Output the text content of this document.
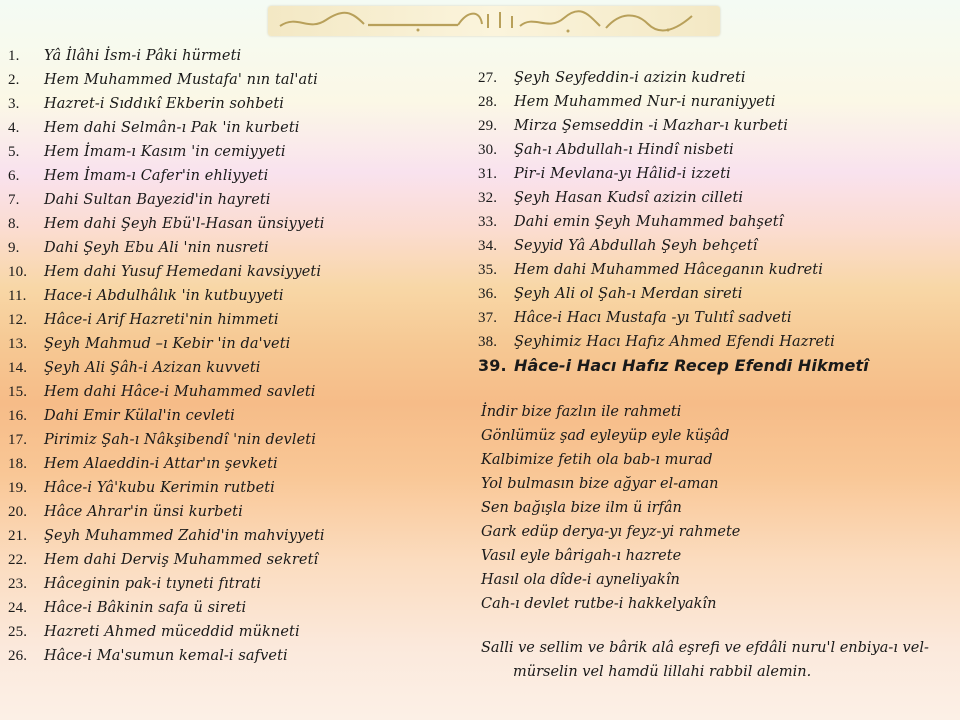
1. Yâ İlâhi İsm-i Pâki hürmeti
2. Hem Muhammed Mustafa' nın tal'ati
3. Hazret-i Sıddıkî Ekberin sohbeti
4. Hem dahi Selmân-ı Pak 'in kurbeti
5. Hem İmam-ı Kasım 'in cemiyyeti
6. Hem İmam-ı Cafer'in ehliyyeti
7. Dahi Sultan Bayezid'in hayreti
8. Hem dahi Şeyh Ebü'l-Hasan ünsiyyeti
9. Dahi Şeyh Ebu Ali 'nin nusreti
10. Hem dahi Yusuf Hemedani kavsiyyeti
11. Hace-i Abdulhâlık 'in kutbuyyeti
12. Hâce-i Arif Hazreti'nin himmeti
13. Şeyh Mahmud –ı Kebir 'in da'veti
14. Şeyh Ali Şâh-i Azizan kuvveti
15. Hem dahi Hâce-i Muhammed savleti
16. Dahi Emir Külal'in cevleti
17. Pirimiz Şah-ı Nâkşibendî 'nin devleti
18. Hem Alaeddin-i Attar'ın şevketi
19. Hâce-i Yâ'kubu Kerimin rutbeti
20. Hâce Ahrar'in ünsi kurbeti
21. Şeyh Muhammed Zahid'in mahviyyeti
22. Hem dahi Derviş Muhammed sekretî
23. Hâceginin pak-i tıyneti fıtrati
24. Hâce-i Bâkinin safa ü sireti
25. Hazreti Ahmed müceddid mükneti
26. Hâce-i Ma'sumun kemal-i safveti
27. Şeyh Seyfeddin-i azizin kudreti
28. Hem Muhammed Nur-i nuraniyyeti
29. Mirza Şemseddin -i Mazhar-ı kurbeti
30. Şah-ı Abdullah-ı Hindî nisbeti
31. Pir-i Mevlana-yı Hâlid-i izzeti
32. Şeyh Hasan Kudsî azizin cilleti
33. Dahi emin Şeyh Muhammed bahşetî
34. Seyyid Yâ Abdullah Şeyh behçetî
35. Hem dahi Muhammed Hâceganın kudreti
36. Şeyh Ali ol Şah-ı Merdan sireti
37. Hâce-i Hacı Mustafa -yı Tulıtî sadveti
38. Şeyhimiz Hacı Hafız Ahmed Efendi Hazreti
39. Hâce-i Hacı Hafız Recep Efendi Hikmetî
İndir bize fazlın ile rahmeti
Gönlümüz şad eyleyüp eyle küşâd
Kalbimize fetih ola bab-ı murad
Yol bulmasın bize ağyar el-aman
Sen bağışla bize ilm ü irfân
Gark edüp derya-yı feyz-yi rahmete
Vasıl eyle bârigah-ı hazrete
Hasıl ola dîde-i ayneliyakîn
Cah-ı devlet rutbe-i hakkelyakîn
Salli ve sellim ve bârik alâ eşrefi ve efdâli nuru'l enbiya-ı vel-
mürselin vel hamdü lillahi rabbil alemin.
